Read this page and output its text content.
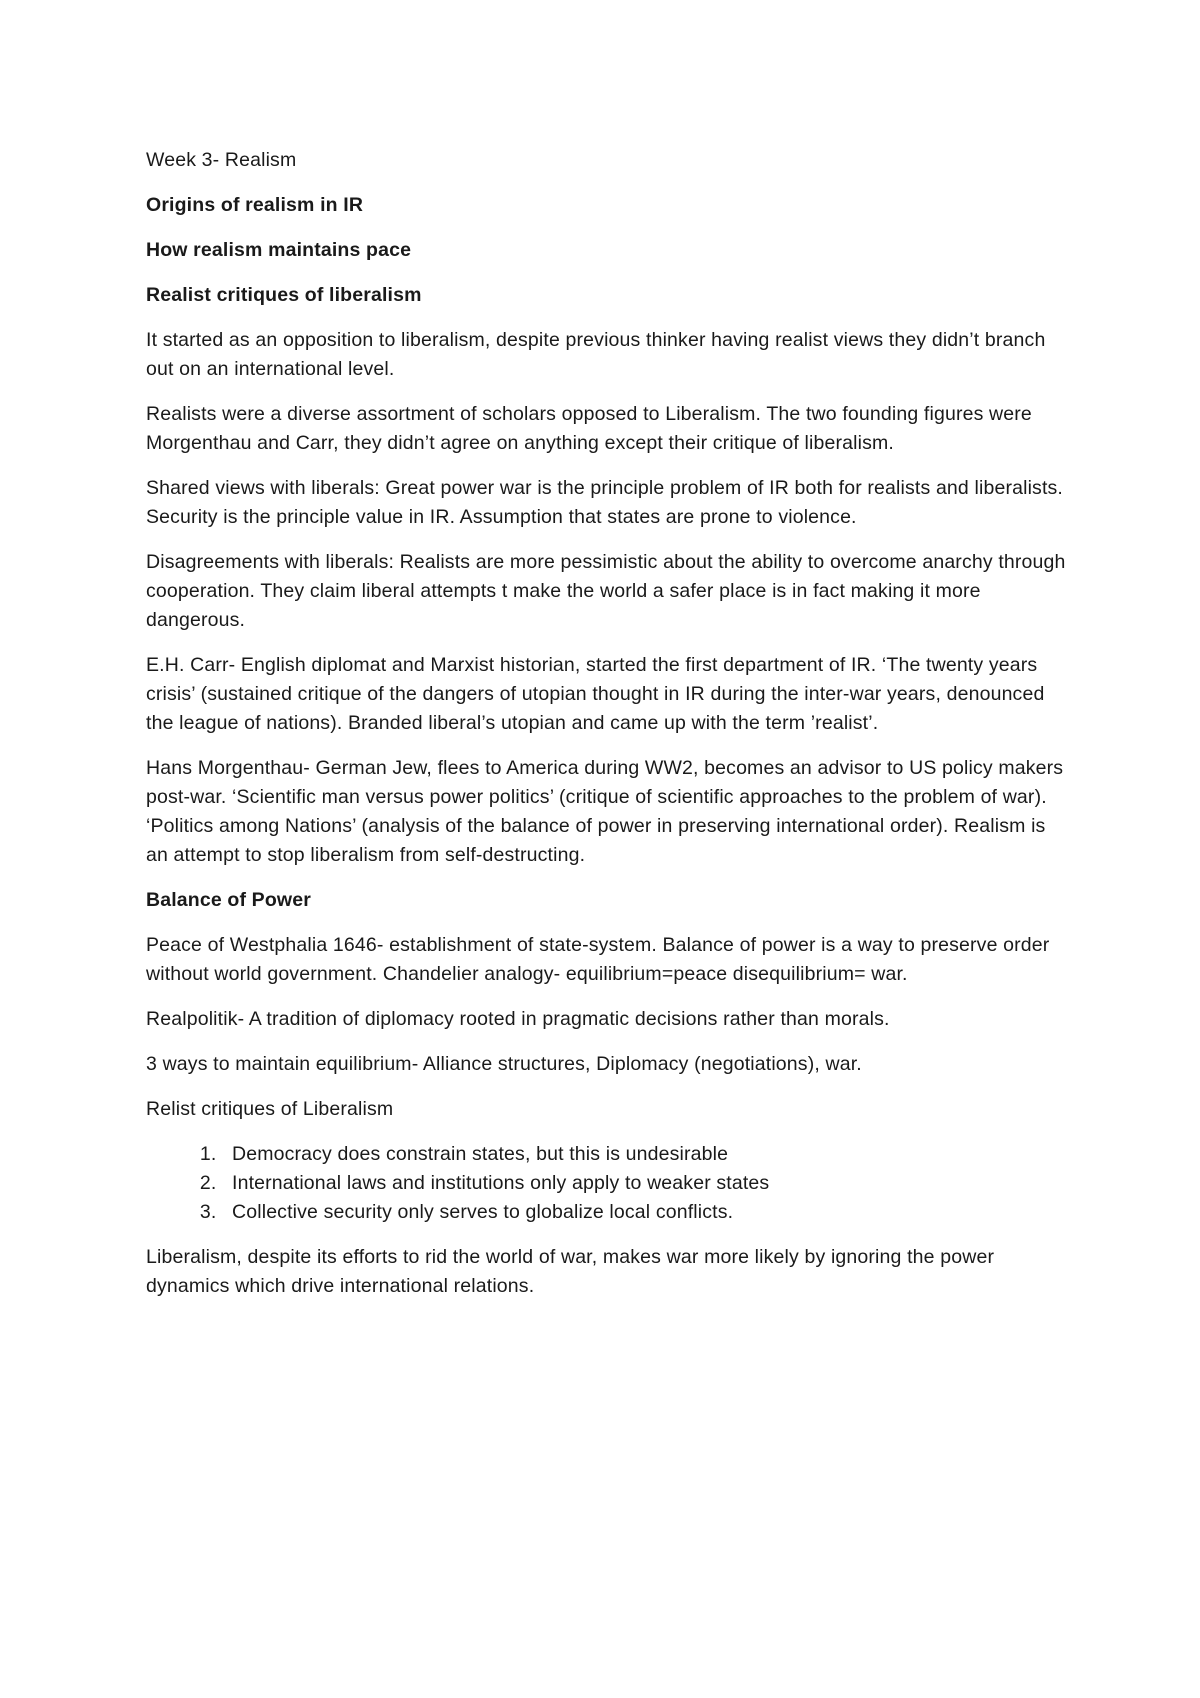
Week 3- Realism

Origins of realism in IR

How realism maintains pace

Realist critiques of liberalism

It started as an opposition to liberalism, despite previous thinker having realist views they didn’t branch out on an international level.

Realists were a diverse assortment of scholars opposed to Liberalism. The two founding figures were Morgenthau and Carr, they didn’t agree on anything except their critique of liberalism.

Shared views with liberals: Great power war is the principle problem of IR both for realists and liberalists. Security is the principle value in IR. Assumption that states are prone to violence.

Disagreements with liberals: Realists are more pessimistic about the ability to overcome anarchy through cooperation. They claim liberal attempts t make the world a safer place is in fact making it more dangerous.

E.H. Carr- English diplomat and Marxist historian, started the first department of IR. ‘The twenty years crisis’ (sustained critique of the dangers of utopian thought in IR during the inter-war years, denounced the league of nations). Branded liberal’s utopian and came up with the term ’realist’.

Hans Morgenthau- German Jew, flees to America during WW2, becomes an advisor to US policy makers post-war. ‘Scientific man versus power politics’ (critique of scientific approaches to the problem of war). ‘Politics among Nations’ (analysis of the balance of power in preserving international order). Realism is an attempt to stop liberalism from self-destructing.

Balance of Power

Peace of Westphalia 1646- establishment of state-system. Balance of power is a way to preserve order without world government. Chandelier analogy- equilibrium=peace disequilibrium= war.

Realpolitik- A tradition of diplomacy rooted in pragmatic decisions rather than morals.

3 ways to maintain equilibrium- Alliance structures, Diplomacy (negotiations), war.

Relist critiques of Liberalism

1. Democracy does constrain states, but this is undesirable
2. International laws and institutions only apply to weaker states
3. Collective security only serves to globalize local conflicts.

Liberalism, despite its efforts to rid the world of war, makes war more likely by ignoring the power dynamics which drive international relations.
